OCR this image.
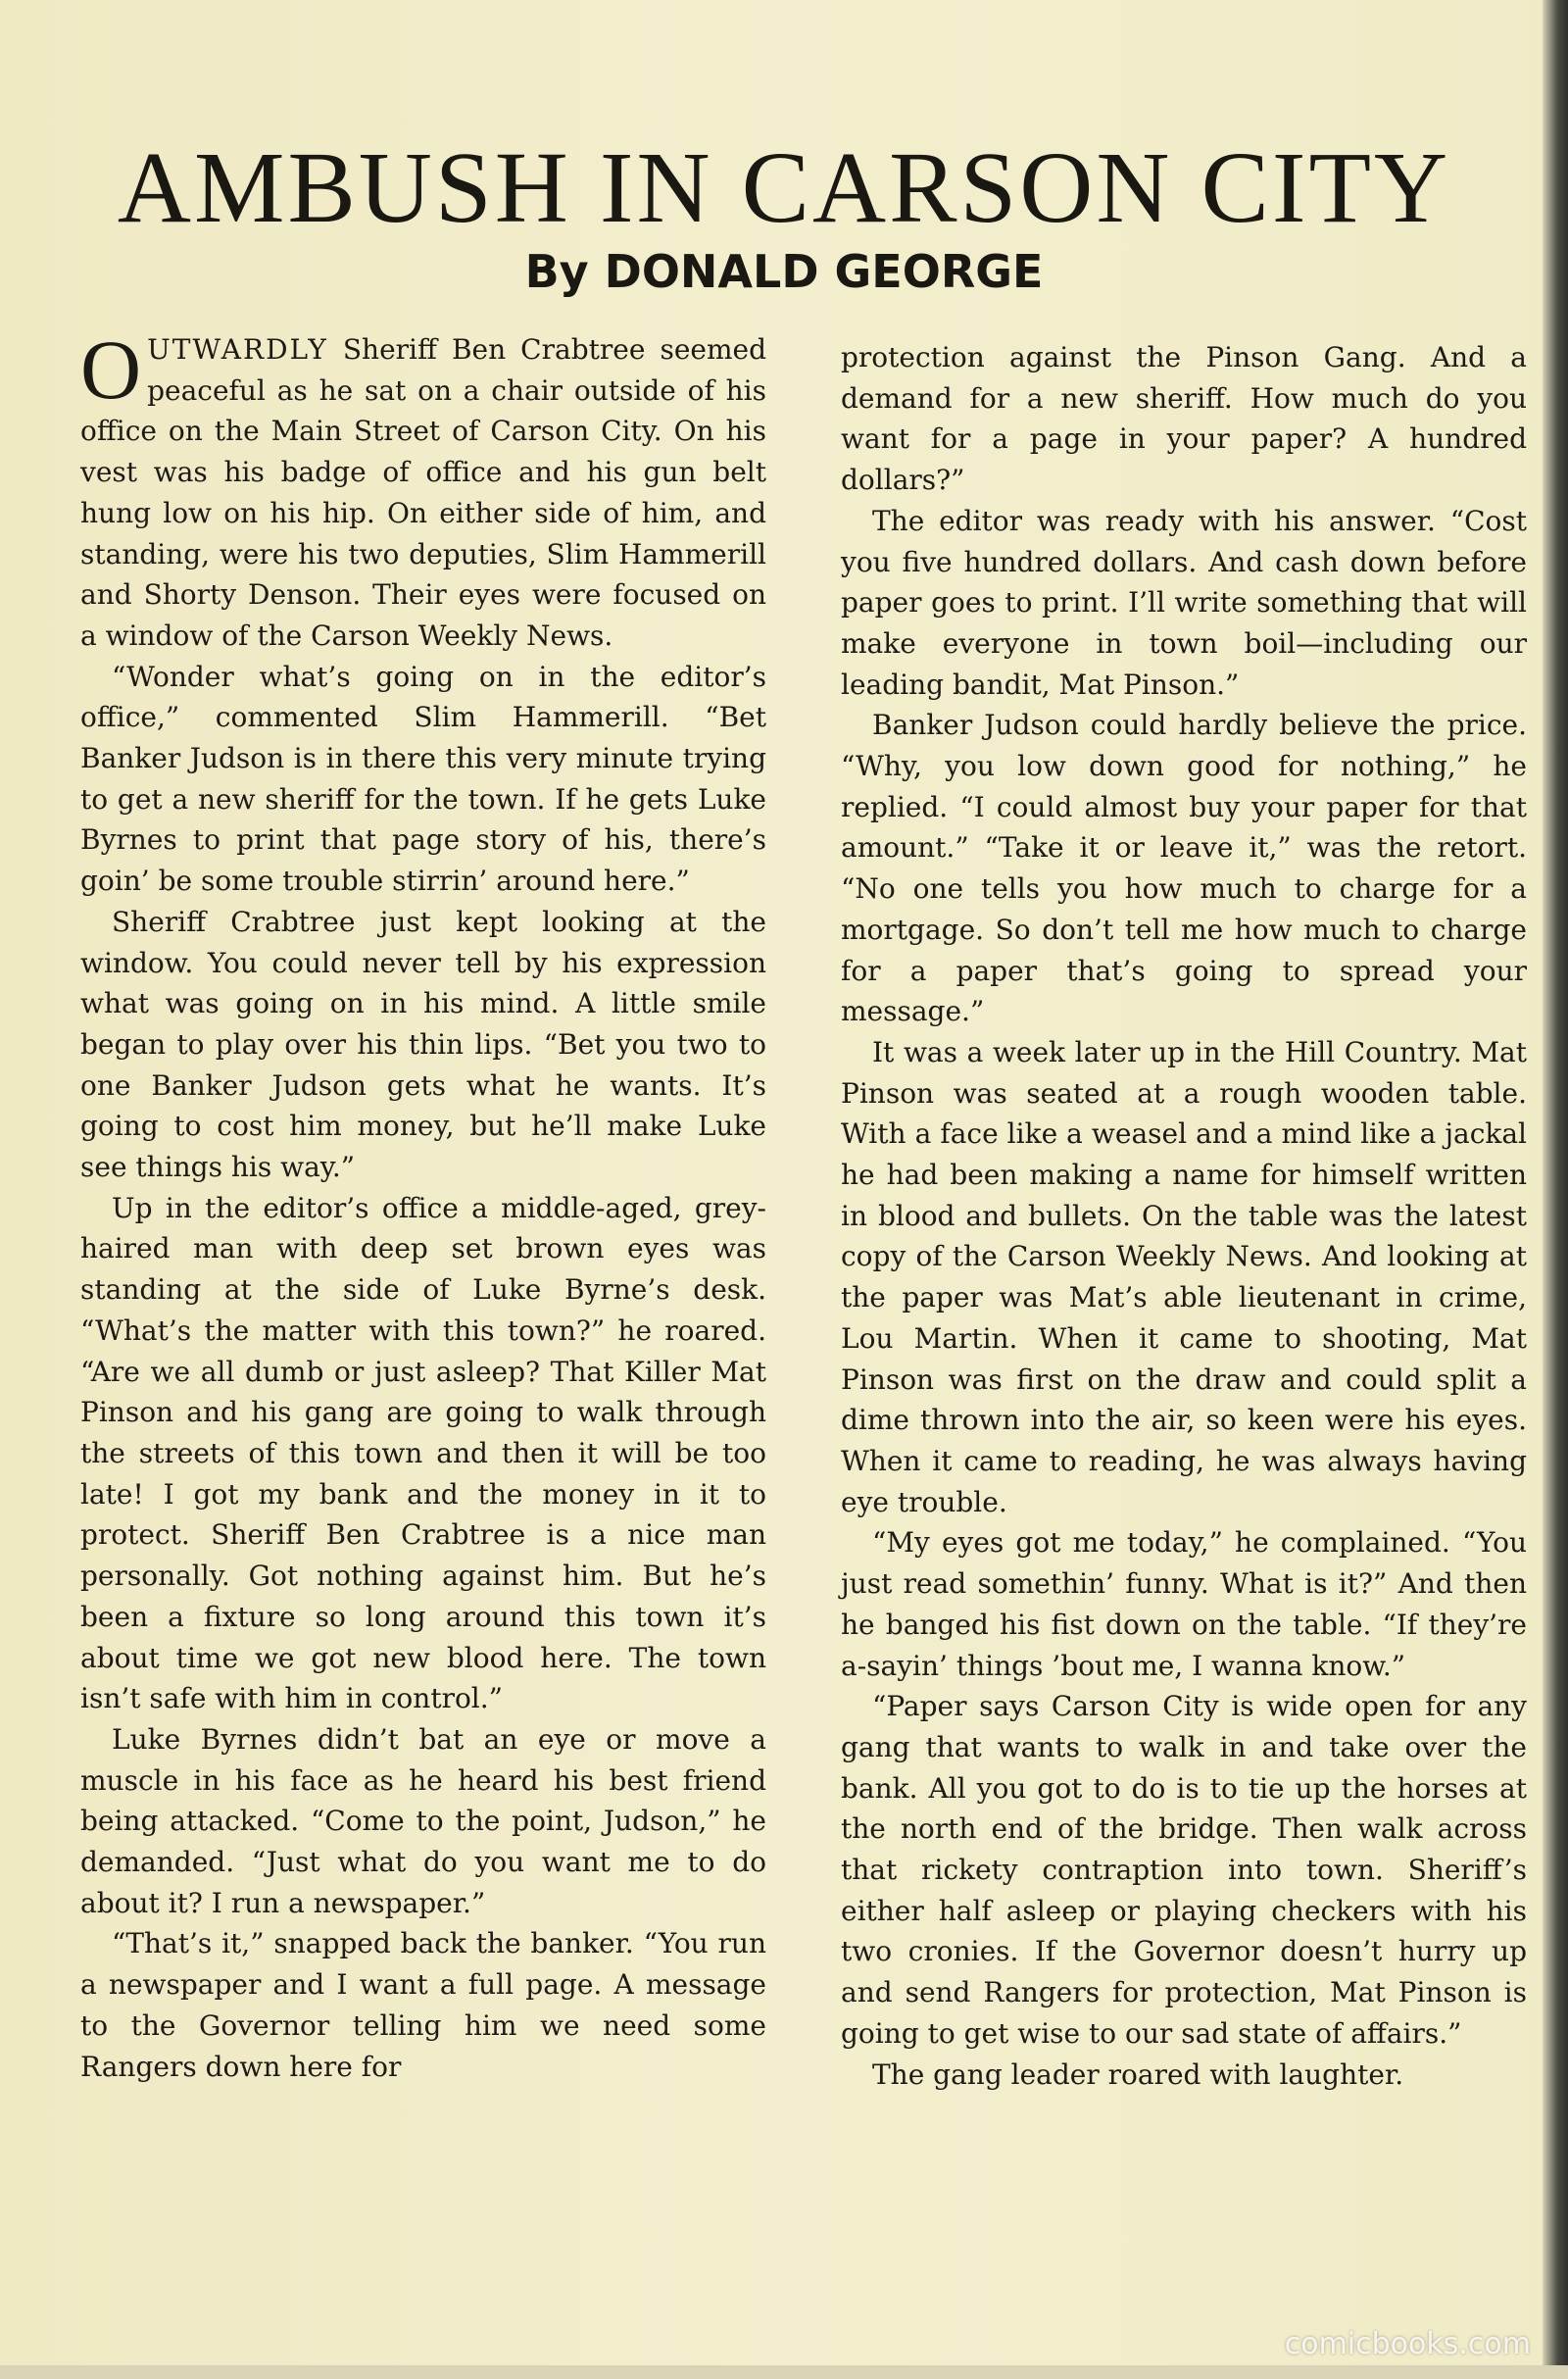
AMBUSH IN CARSON CITY
By DONALD GEORGE

OUTWARDLY Sheriff Ben Crabtree seemed peaceful as he sat on a chair outside of his office on the Main Street of Carson City. On his vest was his badge of office and his gun belt hung low on his hip. On either side of him, and standing, were his two deputies, Slim Hammerill and Shorty Denson. Their eyes were focused on a window of the Carson Weekly News.

“Wonder what’s going on in the editor’s office,” commented Slim Hammerill. “Bet Banker Judson is in there this very minute trying to get a new sheriff for the town. If he gets Luke Byrnes to print that page story of his, there’s goin’ be some trouble stirrin’ around here.”

Sheriff Crabtree just kept looking at the window. You could never tell by his expression what was going on in his mind. A little smile began to play over his thin lips. “Bet you two to one Banker Judson gets what he wants. It’s going to cost him money, but he’ll make Luke see things his way.”

Up in the editor’s office a middle-aged, grey-haired man with deep set brown eyes was standing at the side of Luke Byrne’s desk. “What’s the matter with this town?” he roared. “Are we all dumb or just asleep? That Killer Mat Pinson and his gang are going to walk through the streets of this town and then it will be too late! I got my bank and the money in it to protect. Sheriff Ben Crabtree is a nice man personally. Got nothing against him. But he’s been a fixture so long around this town it’s about time we got new blood here. The town isn’t safe with him in control.”

Luke Byrnes didn’t bat an eye or move a muscle in his face as he heard his best friend being attacked. “Come to the point, Judson,” he demanded. “Just what do you want me to do about it? I run a newspaper.”

“That’s it,” snapped back the banker. “You run a newspaper and I want a full page. A message to the Governor telling him we need some Rangers down here for

protection against the Pinson Gang. And a demand for a new sheriff. How much do you want for a page in your paper? A hundred dollars?”

The editor was ready with his answer. “Cost you five hundred dollars. And cash down before paper goes to print. I’ll write something that will make everyone in town boil—including our leading bandit, Mat Pinson.”

Banker Judson could hardly believe the price. “Why, you low down good for nothing,” he replied. “I could almost buy your paper for that amount.” “Take it or leave it,” was the retort. “No one tells you how much to charge for a mortgage. So don’t tell me how much to charge for a paper that’s going to spread your message.”

It was a week later up in the Hill Country. Mat Pinson was seated at a rough wooden table. With a face like a weasel and a mind like a jackal he had been making a name for himself written in blood and bullets. On the table was the latest copy of the Carson Weekly News. And looking at the paper was Mat’s able lieutenant in crime, Lou Martin. When it came to shooting, Mat Pinson was first on the draw and could split a dime thrown into the air, so keen were his eyes. When it came to reading, he was always having eye trouble.

“My eyes got me today,” he complained. “You just read somethin’ funny. What is it?” And then he banged his fist down on the table. “If they’re a-sayin’ things ’bout me, I wanna know.”

“Paper says Carson City is wide open for any gang that wants to walk in and take over the bank. All you got to do is to tie up the horses at the north end of the bridge. Then walk across that rickety contraption into town. Sheriff’s either half asleep or playing checkers with his two cronies. If the Governor doesn’t hurry up and send Rangers for protection, Mat Pinson is going to get wise to our sad state of affairs.”

The gang leader roared with laughter.

comicbooks.com
